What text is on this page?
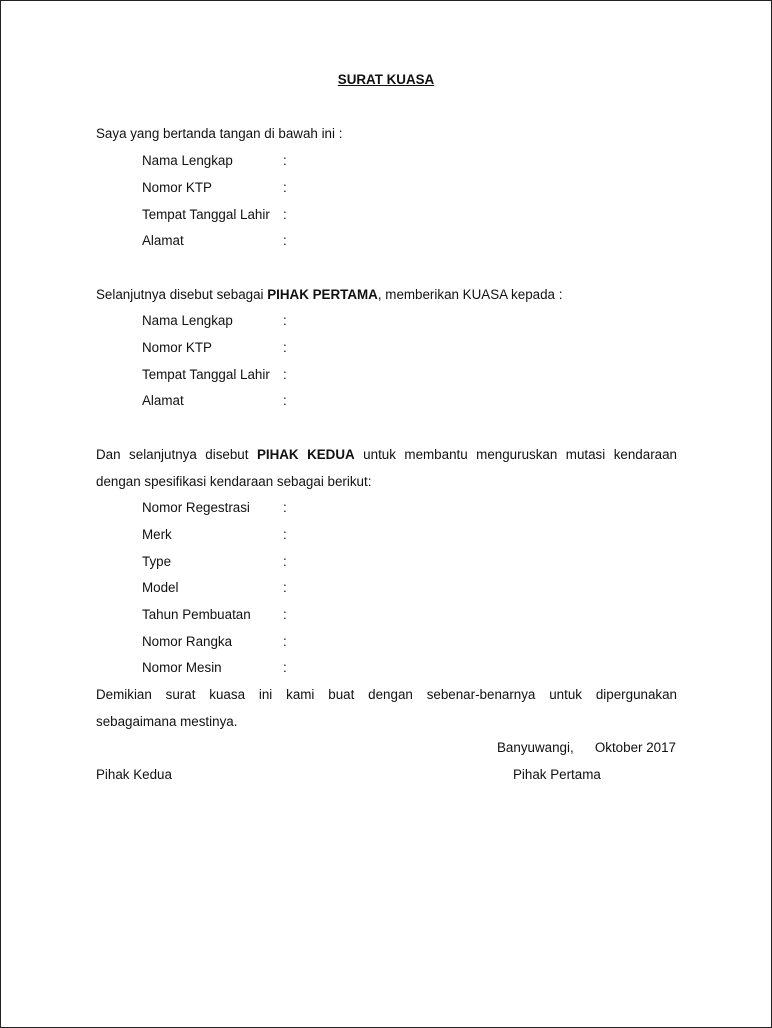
SURAT KUASA
Saya yang bertanda tangan di bawah ini :
Nama Lengkap	:
Nomor KTP	:
Tempat Tanggal Lahir :
Alamat	:
Selanjutnya disebut sebagai PIHAK PERTAMA, memberikan KUASA kepada :
Nama Lengkap	:
Nomor KTP	:
Tempat Tanggal Lahir :
Alamat	:
Dan selanjutnya disebut PIHAK KEDUA untuk membantu menguruskan mutasi kendaraan
dengan spesifikasi kendaraan sebagai berikut:
Nomor Regestrasi :
Merk	:
Type	:
Model	:
Tahun Pembuatan :
Nomor Rangka	:
Nomor Mesin	:
Demikian surat kuasa ini kami buat dengan sebenar-benarnya untuk dipergunakan
sebagaimana mestinya.
Banyuwangi, Oktober 2017
Pihak Kedua	Pihak Pertama
